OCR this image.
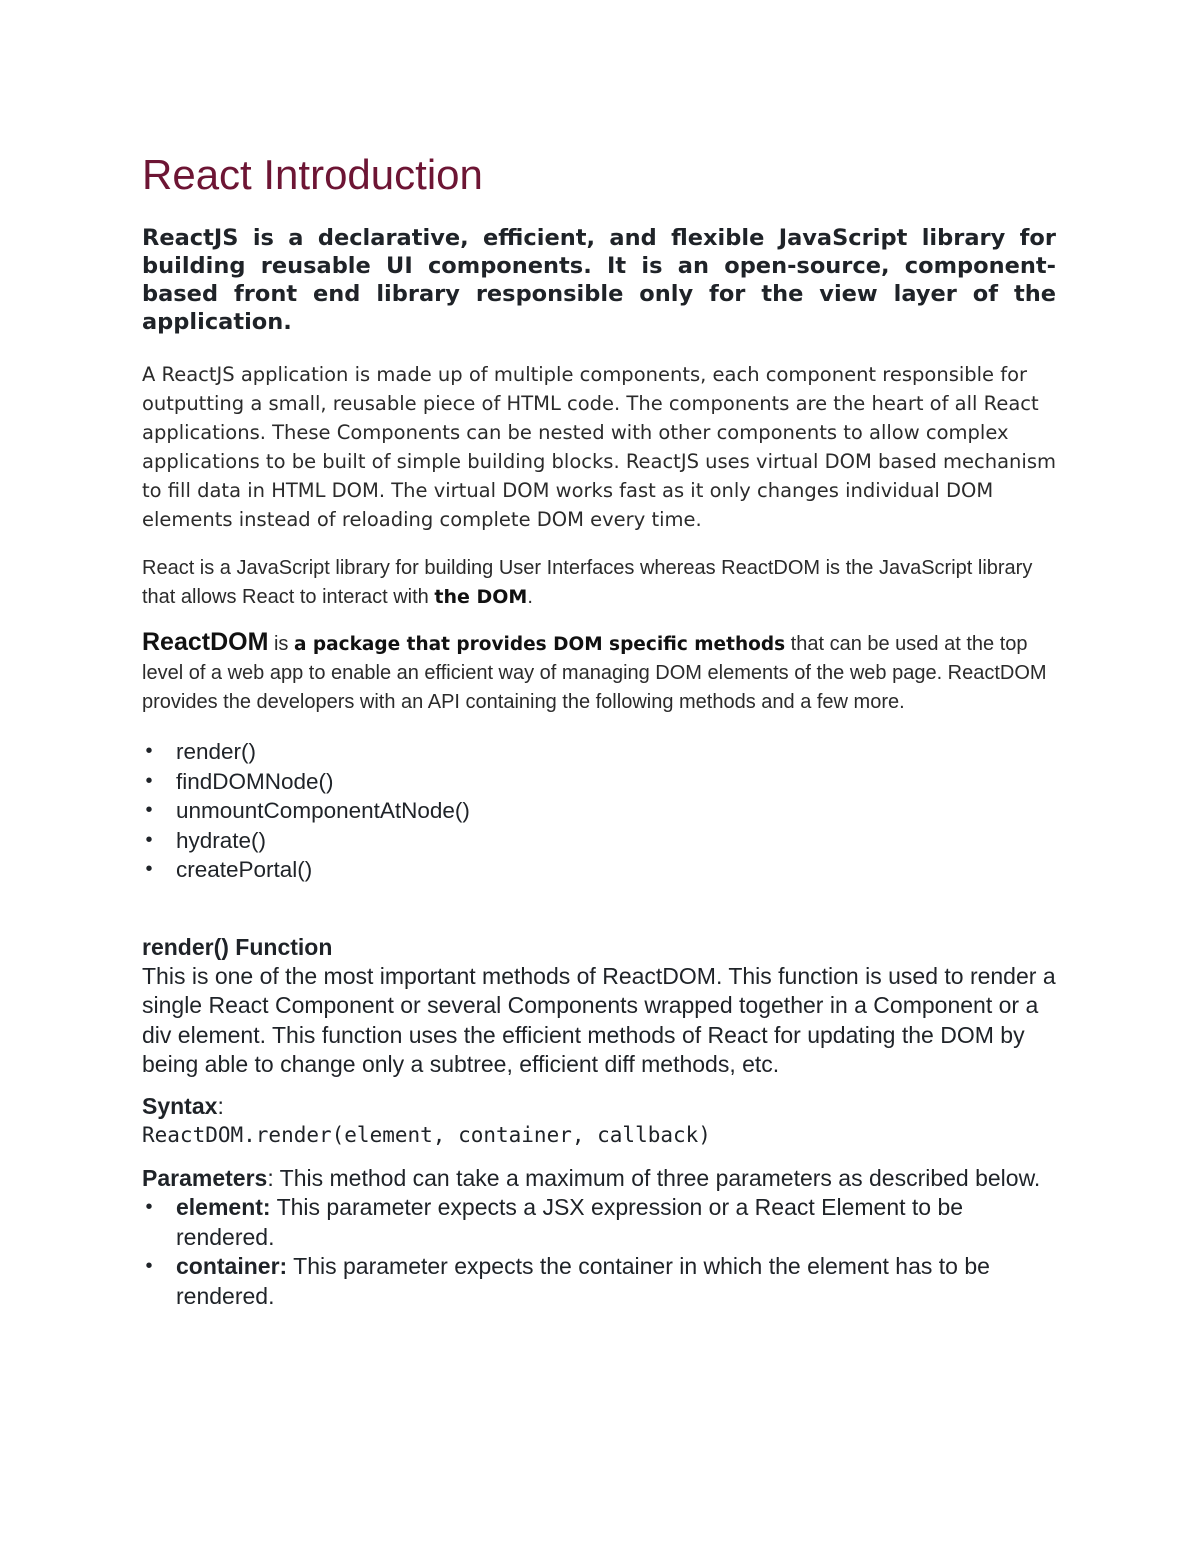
React Introduction

ReactJS is a declarative, efficient, and flexible JavaScript library for building reusable UI components. It is an open-source, component-based front end library responsible only for the view layer of the application.

A ReactJS application is made up of multiple components, each component responsible for outputting a small, reusable piece of HTML code. The components are the heart of all React applications. These Components can be nested with other components to allow complex applications to be built of simple building blocks. ReactJS uses virtual DOM based mechanism to fill data in HTML DOM. The virtual DOM works fast as it only changes individual DOM elements instead of reloading complete DOM every time.

React is a JavaScript library for building User Interfaces whereas ReactDOM is the JavaScript library that allows React to interact with the DOM.

ReactDOM is a package that provides DOM specific methods that can be used at the top level of a web app to enable an efficient way of managing DOM elements of the web page. ReactDOM provides the developers with an API containing the following methods and a few more.

• render()
• findDOMNode()
• unmountComponentAtNode()
• hydrate()
• createPortal()
render() Function

This is one of the most important methods of ReactDOM. This function is used to render a single React Component or several Components wrapped together in a Component or a div element. This function uses the efficient methods of React for updating the DOM by being able to change only a subtree, efficient diff methods, etc.

Syntax:

ReactDOM.render(element, container, callback)

Parameters: This method can take a maximum of three parameters as described below.

• element: This parameter expects a JSX expression or a React Element to be rendered.
• container: This parameter expects the container in which the element has to be rendered.
